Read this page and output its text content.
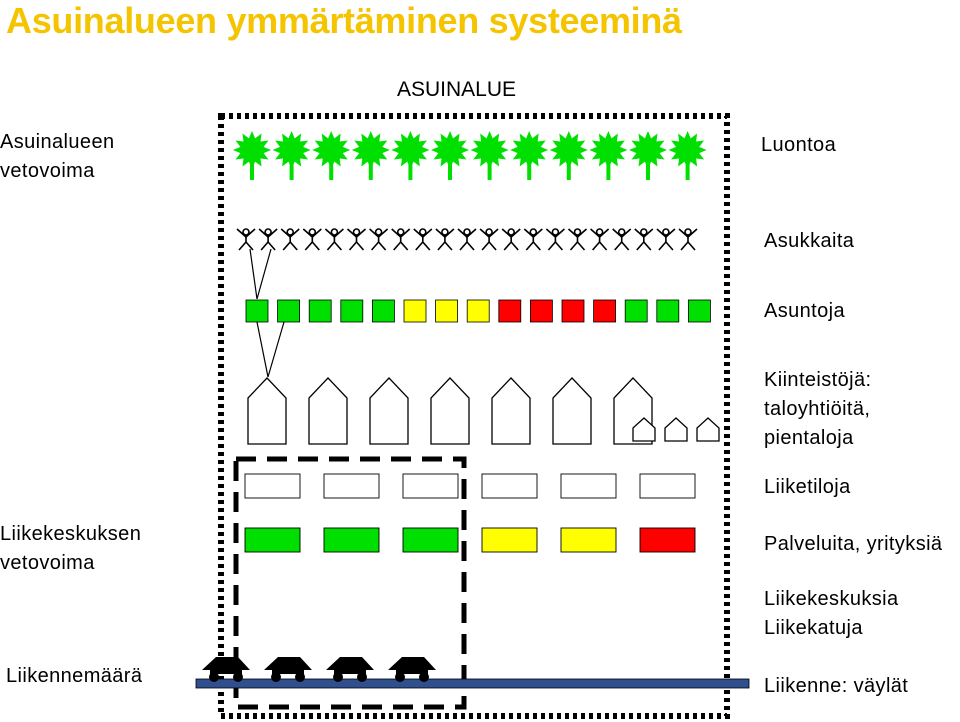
Asuinalueen ymmärtäminen systeeminä
ASUINALUE
Asuinalueen vetovoima
Liikekeskuksen vetovoima
Liikennemäärä
Luontoa
Asukkaita
Asuntoja
Kiinteistöjä: taloyhtiöitä, pientaloja
Liiketiloja
Palveluita, yrityksiä
Liikekeskuksia Liikekatuja
Liikenne: väylät
